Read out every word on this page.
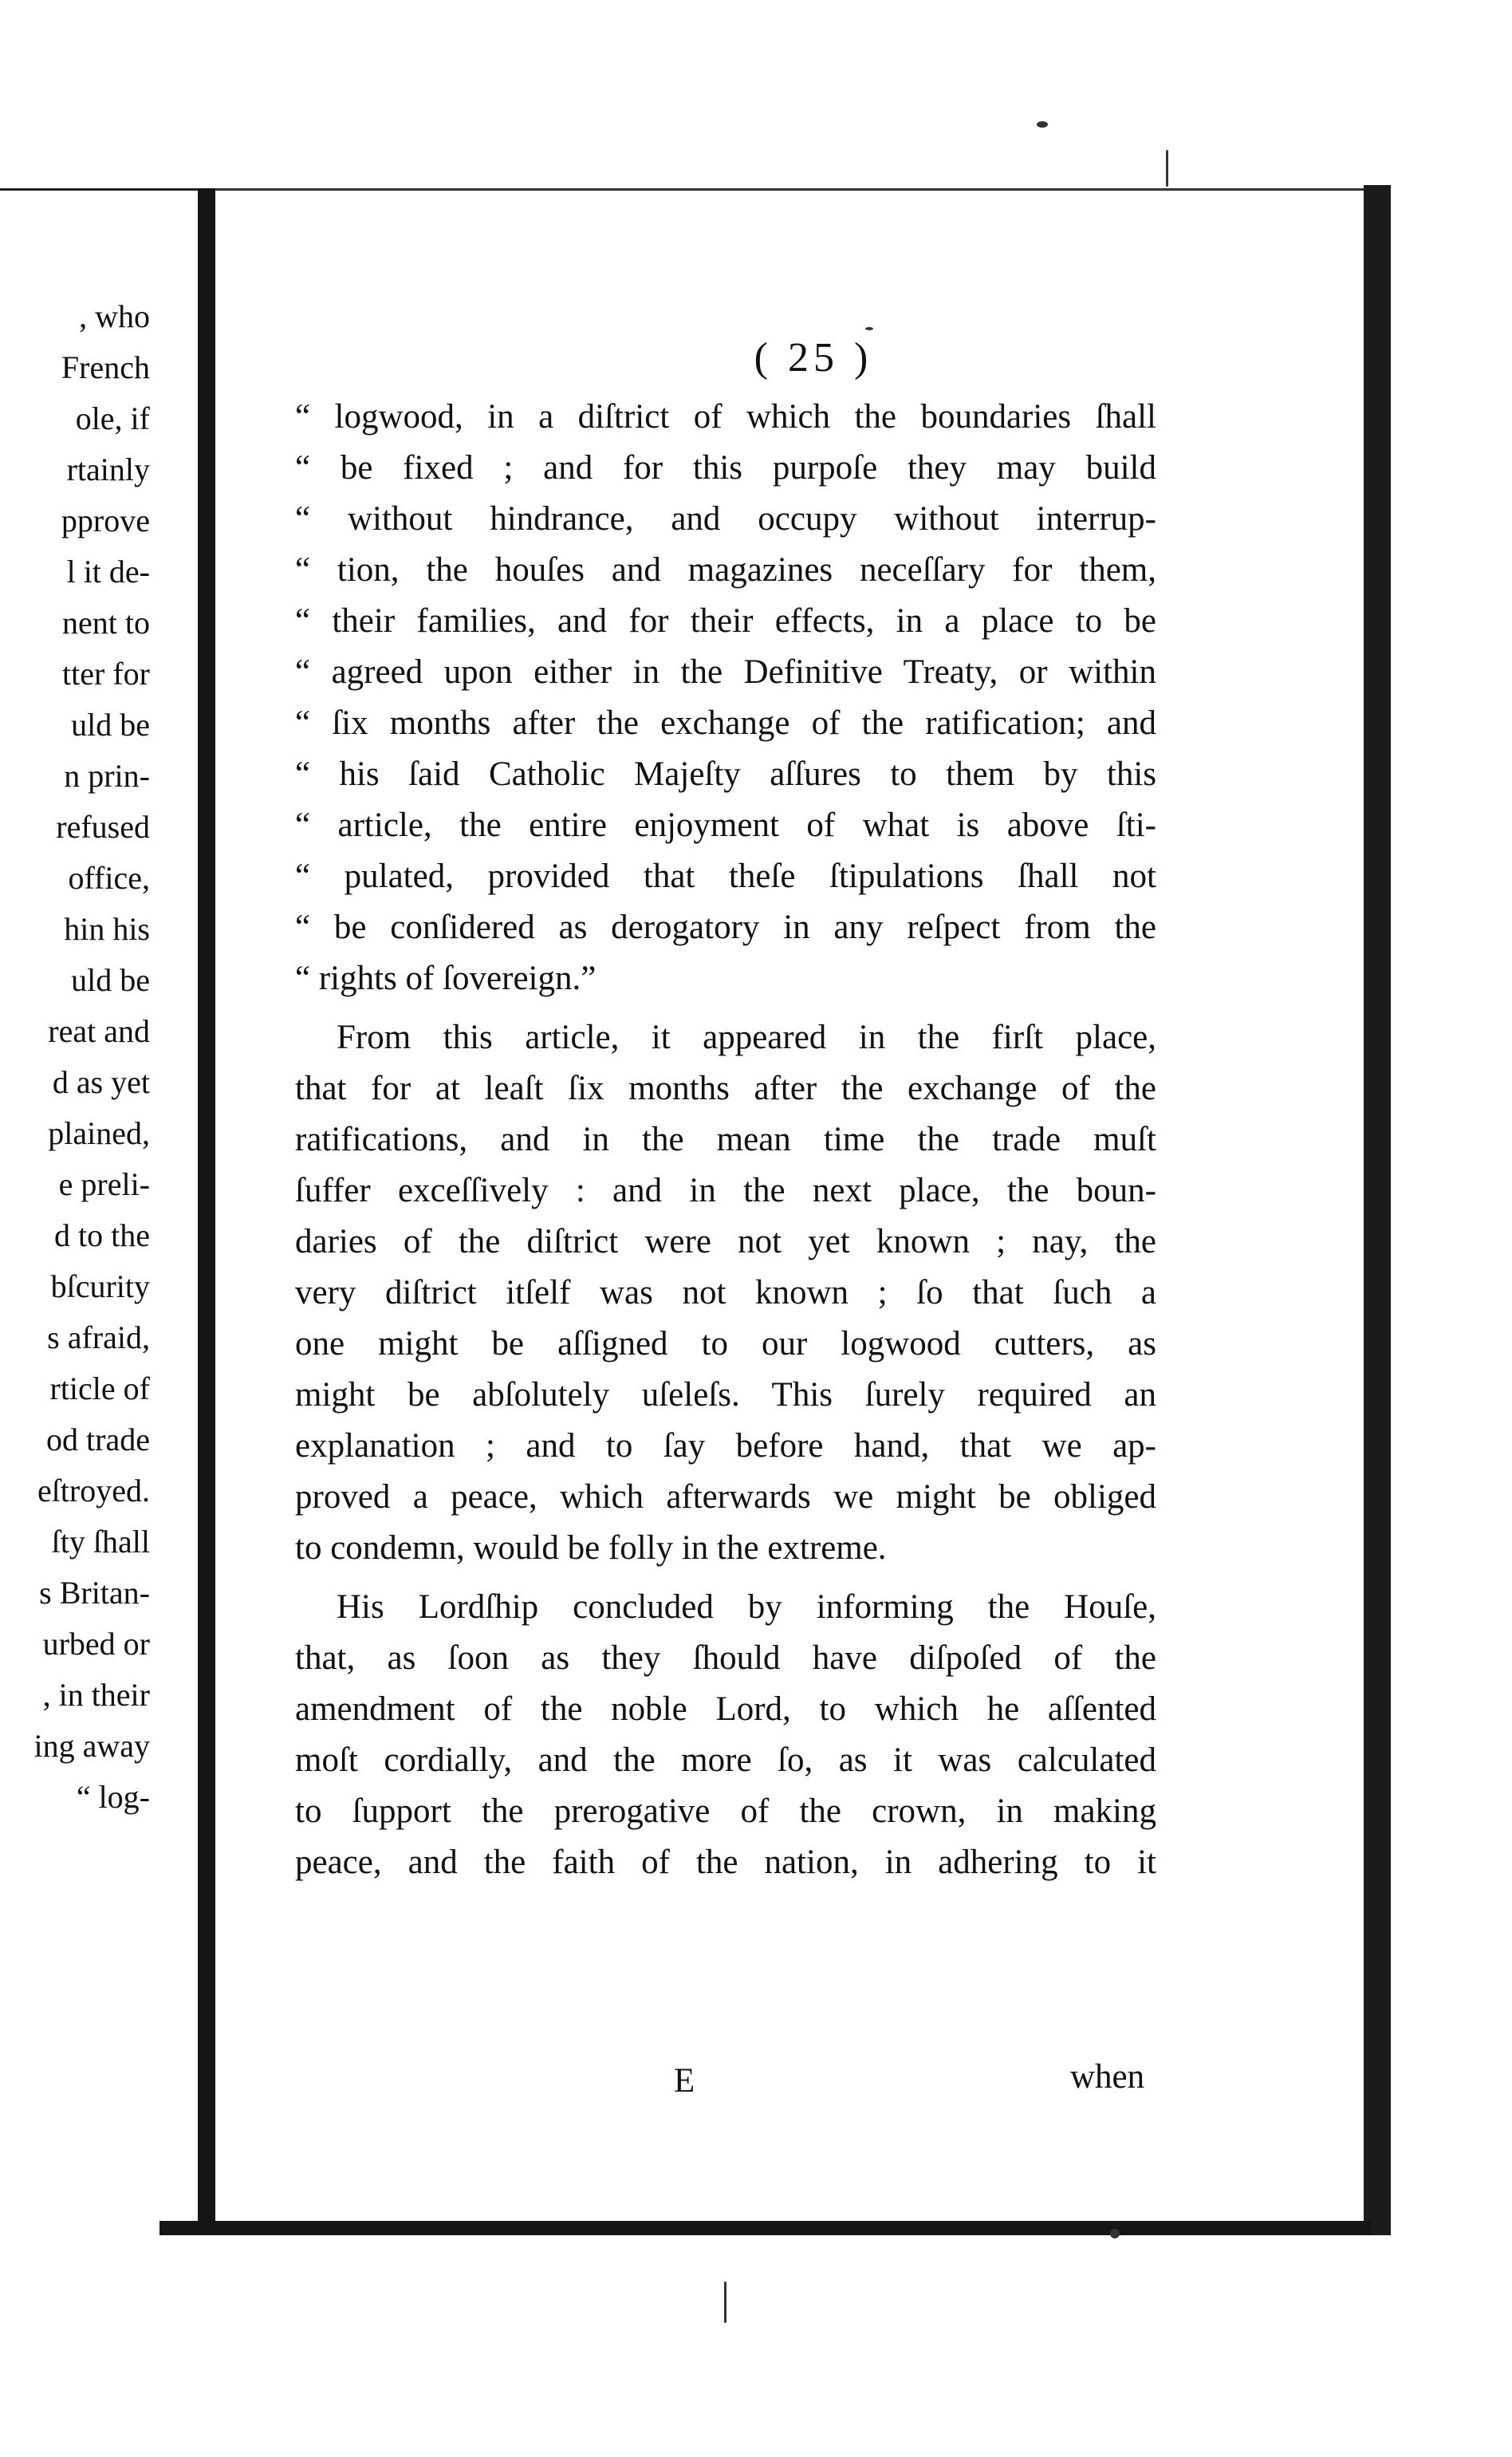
, who
French
ole, if
rtainly
pprove
l it de-
nent to
tter for
uld be
n prin-
refused
office,
hin his
uld be
reat and
d as yet
plained,
e preli-
d to the
bſcurity
s afraid,
rticle of
od trade
eſtroyed.
ſty ſhall
s Britan-
urbed or
, in their
ing away
“ log-
( 25 )
“ logwood, in a diſtrict of which the boundaries ſhall
“ be fixed ; and for this purpoſe they may build
“ without hindrance, and occupy without interrup-
“ tion, the houſes and magazines neceſſary for them,
“ their families, and for their effects, in a place to be
“ agreed upon either in the Definitive Treaty, or within
“ ſix months after the exchange of the ratification; and
“ his ſaid Catholic Majeſty aſſures to them by this
“ article, the entire enjoyment of what is above ſti-
“ pulated, provided that theſe ſtipulations ſhall not
“ be conſidered as derogatory in any reſpect from the
“ rights of ſovereign.”
From this article, it appeared in the firſt place,
that for at leaſt ſix months after the exchange of the
ratifications, and in the mean time the trade muſt
ſuffer exceſſively : and in the next place, the boun-
daries of the diſtrict were not yet known ; nay, the
very diſtrict itſelf was not known ; ſo that ſuch a
one might be aſſigned to our logwood cutters, as
might be abſolutely uſeleſs. This ſurely required an
explanation ; and to ſay before hand, that we ap-
proved a peace, which afterwards we might be obliged
to condemn, would be folly in the extreme.
His Lordſhip concluded by informing the Houſe,
that, as ſoon as they ſhould have diſpoſed of the
amendment of the noble Lord, to which he aſſented
moſt cordially, and the more ſo, as it was calculated
to ſupport the prerogative of the crown, in making
peace, and the faith of the nation, in adhering to it
E	when
